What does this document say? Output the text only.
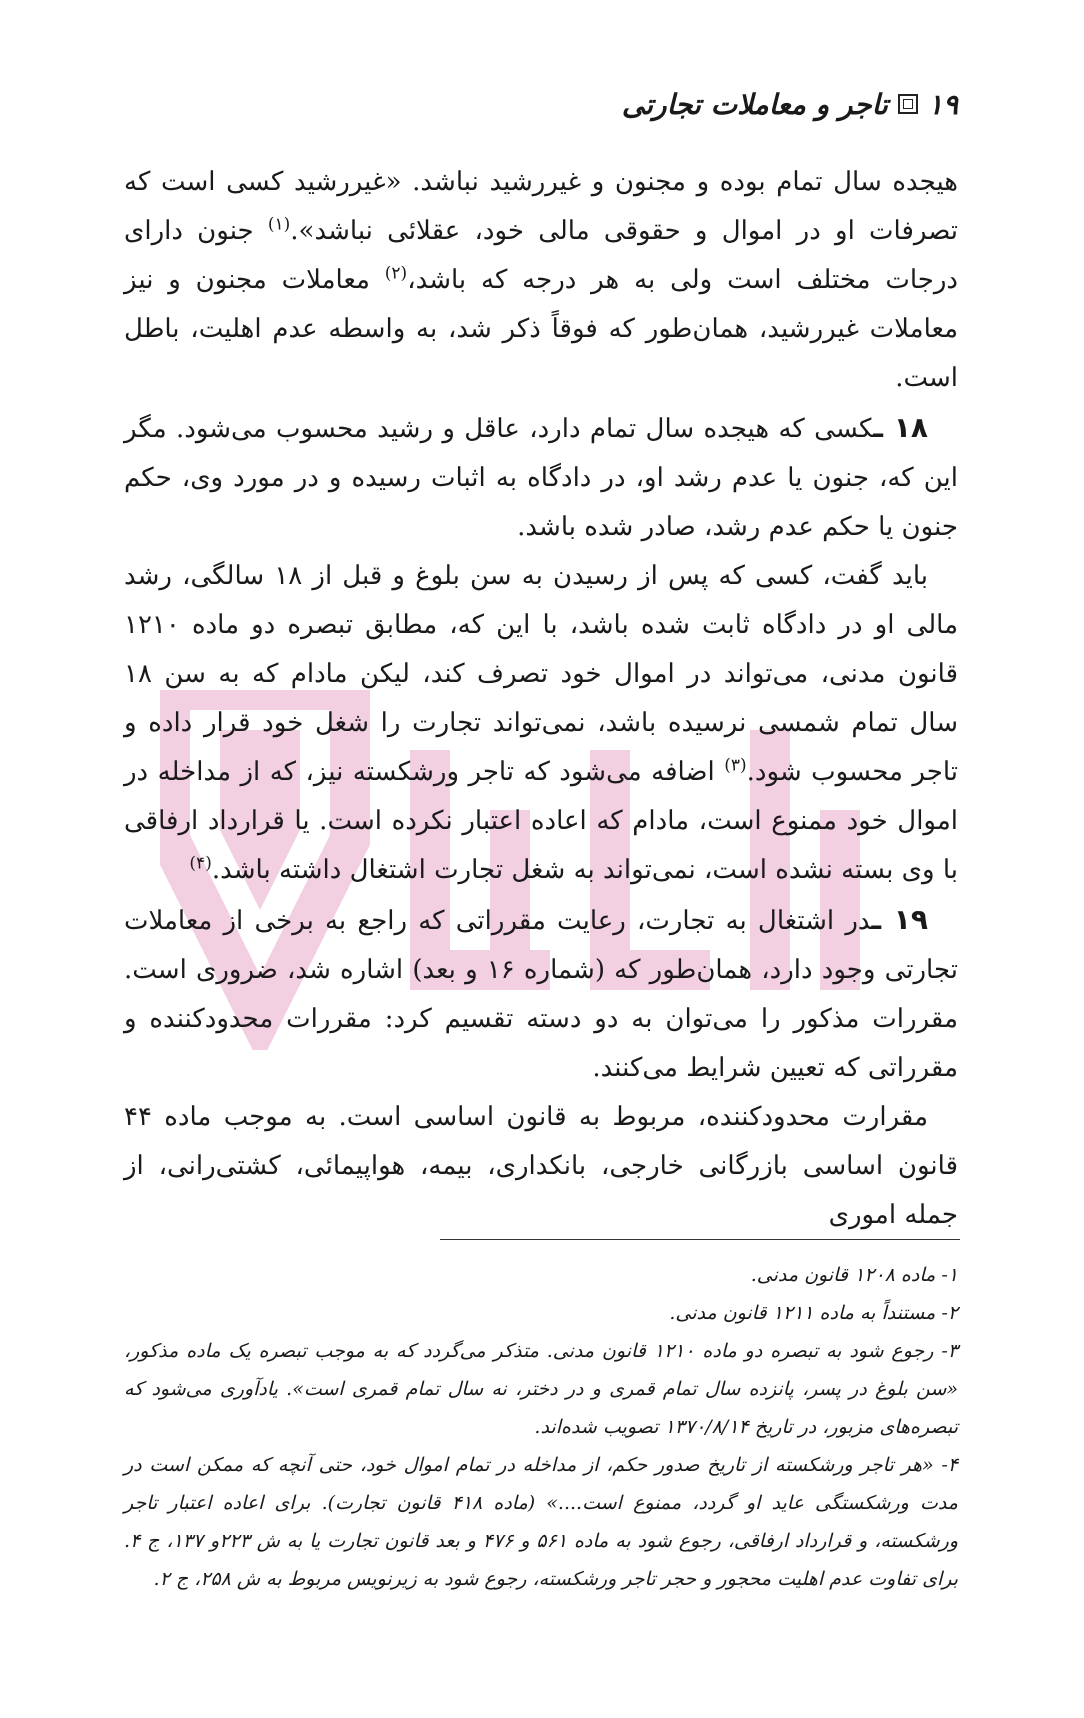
۱۹
تاجر و معاملات تجارتی

هیجده سال تمام بوده و مجنون و غیررشید نباشد. «غیررشید کسی است که تصرفات او در اموال و حقوقی مالی خود، عقلائی نباشد».$^{(۱)}$ جنون دارای درجات مختلف است ولی به هر درجه که باشد،$^{(۲)}$ معاملات مجنون و نیز معاملات غیررشید، همان‌طور که فوقاً ذکر شد، به واسطه عدم اهلیت، باطل است.

۱۸ ـکسی که هیجده سال تمام دارد، عاقل و رشید محسوب می‌شود. مگر این که، جنون یا عدم رشد او، در دادگاه به اثبات رسیده و در مورد وی، حکم جنون یا حکم عدم رشد، صادر شده باشد.

باید گفت، کسی که پس از رسیدن به سن بلوغ و قبل از ۱۸ سالگی، رشد مالی او در دادگاه ثابت شده باشد، با این که، مطابق تبصره دو ماده ۱۲۱۰ قانون مدنی، می‌تواند در اموال خود تصرف کند، لیکن مادام که به سن ۱۸ سال تمام شمسی نرسیده باشد، نمی‌تواند تجارت را شغل خود قرار داده و تاجر محسوب شود.$^{(۳)}$ اضافه می‌شود که تاجر ورشکسته نیز، که از مداخله در اموال خود ممنوع است، مادام که اعاده اعتبار نکرده است. یا قرارداد ارفاقی با وی بسته نشده است، نمی‌تواند به شغل تجارت اشتغال داشته باشد.$^{(۴)}$

۱۹ ـدر اشتغال به تجارت، رعایت مقرراتی که راجع به برخی از معاملات تجارتی وجود دارد، همان‌طور که (شماره ۱۶ و بعد) اشاره شد، ضروری است. مقررات مذکور را می‌توان به دو دسته تقسیم کرد: مقررات محدودکننده و مقرراتی که تعیین شرایط می‌کنند.

مقرارت محدودکننده، مربوط به قانون اساسی است. به موجب ماده ۴۴ قانون اساسی بازرگانی خارجی، بانکداری، بیمه، هواپیمائی، کشتی‌رانی، از جمله اموری

۱- ماده ۱۲۰۸ قانون مدنی.

۲- مستنداً به ماده ۱۲۱۱ قانون مدنی.

۳- رجوع شود به تبصره دو ماده ۱۲۱۰ قانون مدنی. متذکر می‌گردد که به موجب تبصره یک ماده مذکور، «سن بلوغ در پسر، پانزده سال تمام قمری و در دختر، نه سال تمام قمری است». یادآوری می‌شود که تبصره‌های مزبور، در تاریخ ۱۳۷۰/۸/۱۴ تصویب شده‌اند.

۴- «هر تاجر ورشکسته از تاریخ صدور حکم، از مداخله در تمام اموال خود، حتی آنچه که ممکن است در مدت ورشکستگی عاید او گردد، ممنوع است....» (ماده ۴۱۸ قانون تجارت). برای اعاده اعتبار تاجر ورشکسته، و قرارداد ارفاقی، رجوع شود به ماده ۵۶۱ و ۴۷۶ و بعد قانون تجارت یا به ش ۲۲۳و ۱۳۷، ج ۴. برای تفاوت عدم اهلیت محجور و حجر تاجر ورشکسته، رجوع شود به زیرنویس مربوط به ش ۲۵۸، ج ۲.
